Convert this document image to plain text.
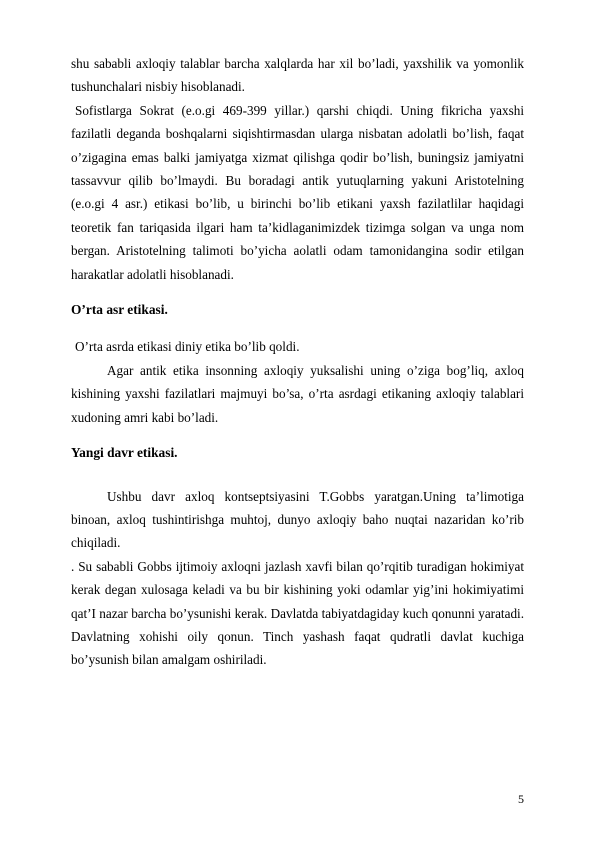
shu sababli axloqiy talablar barcha xalqlarda har xil bo’ladi, yaxshilik va yomonlik tushunchalari nisbiy hisoblanadi.

Sofistlarga Sokrat (e.o.gi 469-399 yillar.) qarshi chiqdi. Uning fikricha yaxshi fazilatli deganda boshqalarni siqishtirmasdan ularga nisbatan adolatli bo’lish, faqat o’zigagina emas balki jamiyatga xizmat qilishga qodir bo’lish, buningsiz jamiyatni tassavvur qilib bo’lmaydi. Bu boradagi antik yutuqlarning yakuni Aristotelning (e.o.gi 4 asr.) etikasi bo’lib, u birinchi bo’lib etikani yaxsh fazilatlilar haqidagi teoretik fan tariqasida ilgari ham ta’kidlaganimizdek tizimga solgan va unga nom bergan. Aristotelning talimoti bo’yicha aolatli odam tamonidangina sodir etilgan harakatlar adolatli hisoblanadi.

O’rta asr etikasi.

O’rta asrda etikasi diniy etika bo’lib qoldi.

Agar antik etika insonning axloqiy yuksalishi uning o’ziga bog’liq, axloq kishining yaxshi fazilatlari majmuyi bo’sa, o’rta asrdagi etikaning axloqiy talablari xudoning amri kabi bo’ladi.

Yangi davr etikasi.

Ushbu davr axloq kontseptsiyasini T.Gobbs yaratgan.Uning ta’limotiga binoan, axloq tushintirishga muhtoj, dunyo axloqiy baho nuqtai nazaridan ko’rib chiqiladi.

. Su sababli Gobbs ijtimoiy axloqni jazlash xavfi bilan qo’rqitib turadigan hokimiyat kerak degan xulosaga keladi va bu bir kishining yoki odamlar yig’ini hokimiyatimi qat’I nazar barcha bo’ysunishi kerak. Davlatda tabiyatdagiday kuch qonunni yaratadi. Davlatning xohishi oily qonun. Tinch yashash faqat qudratli davlat kuchiga bo’ysunish bilan amalgam oshiriladi.

5
